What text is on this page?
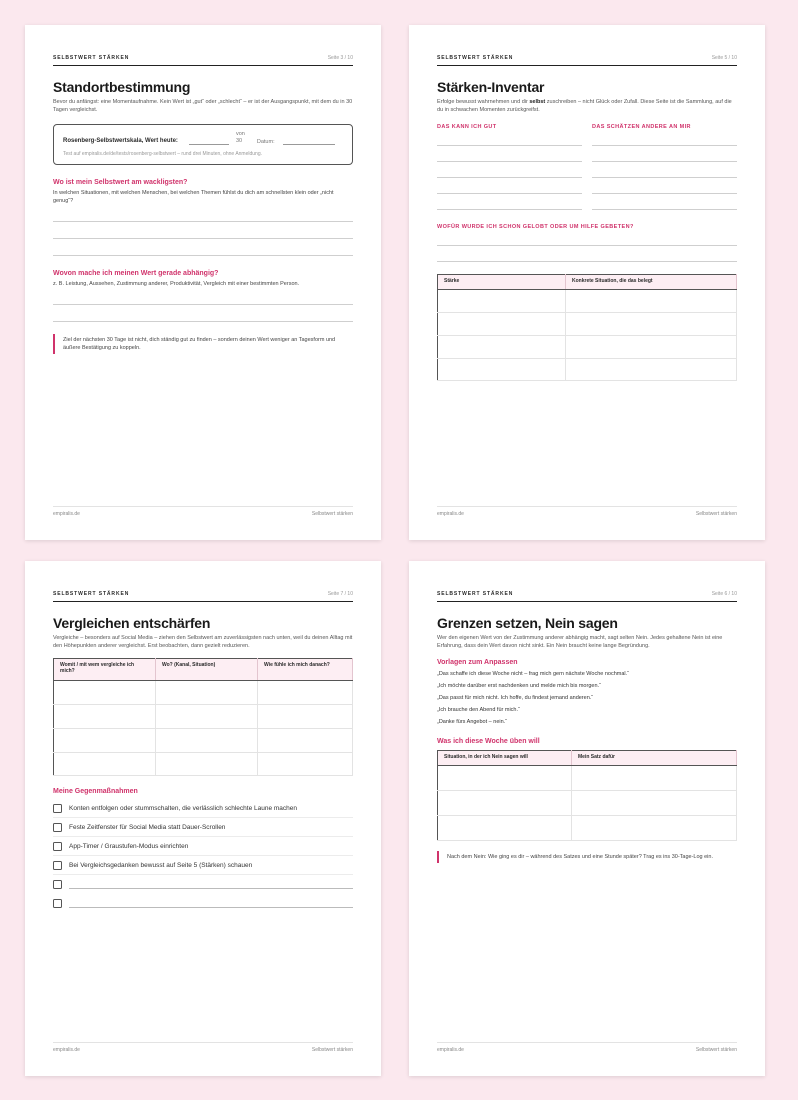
SELBSTWERT STÄRKEN	Seite 3 / 10
Standortbestimmung
Bevor du anfängst: eine Momentaufnahme. Kein Wert ist „gut“ oder „schlecht“ – er ist der Ausgangspunkt, mit dem du in 30 Tagen vergleichst.
Rosenberg-Selbstwertskala, Wert heute:
von
30	Datum:
Test auf empiralis.de/de/tests/rosenberg-selbstwert – rund drei Minuten, ohne Anmeldung.
Wo ist mein Selbstwert am wackligsten?
In welchen Situationen, mit welchen Menschen, bei welchen Themen fühlst du dich am schnellsten klein oder „nicht genug“?
Wovon mache ich meinen Wert gerade abhängig?
z. B. Leistung, Aussehen, Zustimmung anderer, Produktivität, Vergleich mit einer bestimmten Person.
Ziel der nächsten 30 Tage ist nicht, dich ständig gut zu finden – sondern deinen Wert weniger an Tagesform und äußere Bestätigung zu koppeln.
empiralis.de	Selbstwert stärken
SELBSTWERT STÄRKEN	Seite 5 / 10
Stärken-Inventar
Erfolge bewusst wahrnehmen und dir selbst zuschreiben – nicht Glück oder Zufall. Diese Seite ist die Sammlung, auf die du in schwachen Momenten zurückgreifst.
DAS KANN ICH GUT	DAS SCHÄTZEN ANDERE AN MIR
WOFÜR WURDE ICH SCHON GELOBT ODER UM HILFE GEBETEN?
Stärke	Konkrete Situation, die das belegt

empiralis.de	Selbstwert stärken
SELBSTWERT STÄRKEN	Seite 7 / 10
Vergleichen entschärfen
Vergleiche – besonders auf Social Media – ziehen den Selbstwert am zuverlässigsten nach unten, weil du deinen Alltag mit den Höhepunkten anderer vergleichst. Erst beobachten, dann gezielt reduzieren.
Womit / mit wem vergleiche ich mich?	Wo? (Kanal, Situation)	Wie fühle ich mich danach?

Meine Gegenmaßnahmen
Konten entfolgen oder stummschalten, die verlässlich schlechte Laune machen
Feste Zeitfenster für Social Media statt Dauer-Scrollen
App-Timer / Graustufen-Modus einrichten
Bei Vergleichsgedanken bewusst auf Seite 5 (Stärken) schauen
empiralis.de	Selbstwert stärken
SELBSTWERT STÄRKEN	Seite 6 / 10
Grenzen setzen, Nein sagen
Wer den eigenen Wert von der Zustimmung anderer abhängig macht, sagt selten Nein. Jedes gehaltene Nein ist eine Erfahrung, dass dein Wert davon nicht sinkt. Ein Nein braucht keine lange Begründung.
Vorlagen zum Anpassen
„Das schaffe ich diese Woche nicht – frag mich gern nächste Woche nochmal.“
„Ich möchte darüber erst nachdenken und melde mich bis morgen.“
„Das passt für mich nicht. Ich hoffe, du findest jemand anderen.“
„Ich brauche den Abend für mich.“
„Danke fürs Angebot – nein.“
Was ich diese Woche üben will
Situation, in der ich Nein sagen will	Mein Satz dafür

Nach dem Nein: Wie ging es dir – während des Satzes und eine Stunde später? Trag es ins 30-Tage-Log ein.
empiralis.de	Selbstwert stärken
